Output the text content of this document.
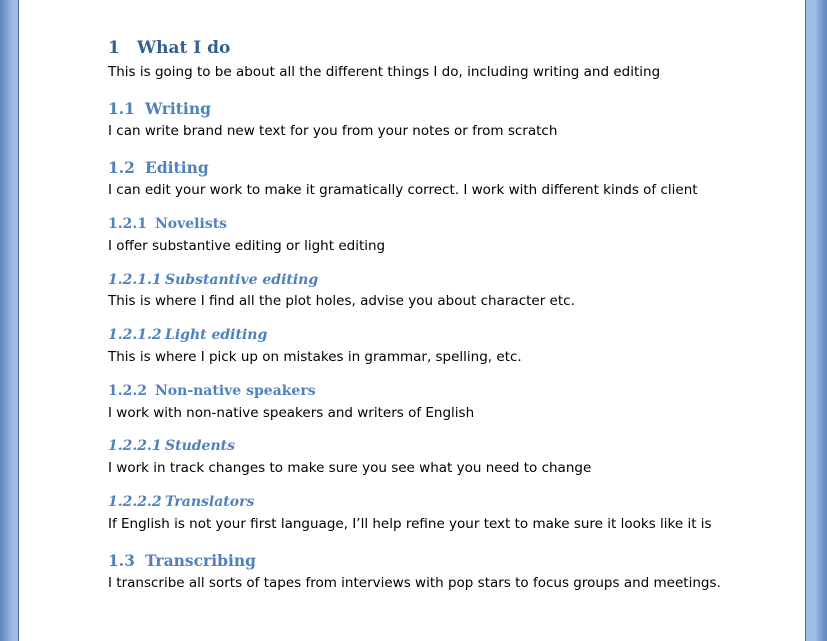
1 What I do
This is going to be about all the different things I do, including writing and editing
1.1 Writing
I can write brand new text for you from your notes or from scratch
1.2 Editing
I can edit your work to make it gramatically correct. I work with different kinds of client
1.2.1 Novelists
I offer substantive editing or light editing
1.2.1.1 Substantive editing
This is where I find all the plot holes, advise you about character etc.
1.2.1.2 Light editing
This is where I pick up on mistakes in grammar, spelling, etc.
1.2.2 Non-native speakers
I work with non-native speakers and writers of English
1.2.2.1 Students
I work in track changes to make sure you see what you need to change
1.2.2.2 Translators
If English is not your first language, I’ll help refine your text to make sure it looks like it is
1.3 Transcribing
I transcribe all sorts of tapes from interviews with pop stars to focus groups and meetings.
